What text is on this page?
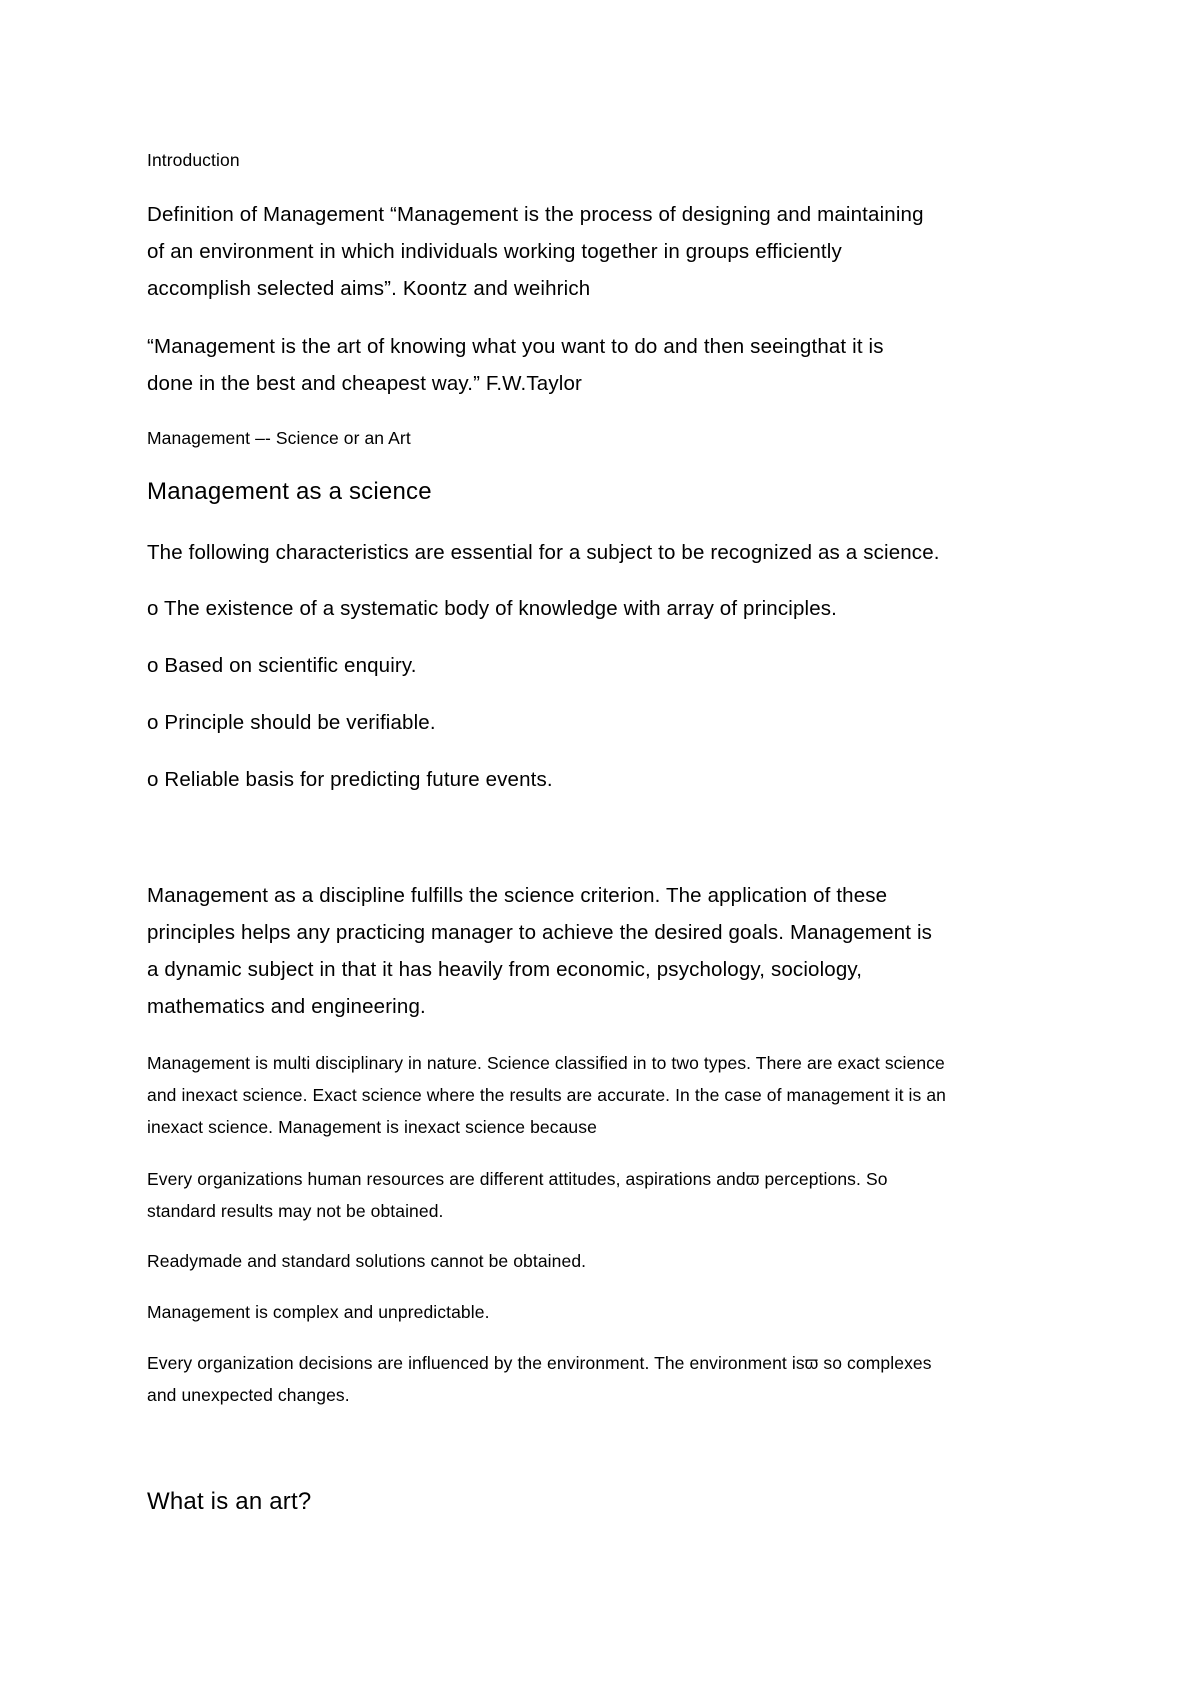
Introduction

Definition of Management “Management is the process of designing and maintaining
of an environment in which individuals working together in groups efficiently
accomplish selected aims”. Koontz and weihrich
“Management is the art of knowing what you want to do and then seeingthat it is
done in the best and cheapest way.” F.W.Taylor

Management –- Science or an Art

Management as a science

The following characteristics are essential for a subject to be recognized as a science.

o The existence of a systematic body of knowledge with array of principles.

o Based on scientific enquiry.

o Principle should be verifiable.

o Reliable basis for predicting future events.

Management as a discipline fulfills the science criterion. The application of these
principles helps any practicing manager to achieve the desired goals. Management is
a dynamic subject in that it has heavily from economic, psychology, sociology,
mathematics and engineering.
Management is multi disciplinary in nature. Science classified in to two types. There are exact science
and inexact science. Exact science where the results are accurate. In the case of management it is an
inexact science. Management is inexact science because
Every organizations human resources are different attitudes, aspirations andϖ perceptions. So
standard results may not be obtained.

Readymade and standard solutions cannot be obtained.

Management is complex and unpredictable.

Every organization decisions are influenced by the environment. The environment isϖ so complexes
and unexpected changes.

What is an art?
